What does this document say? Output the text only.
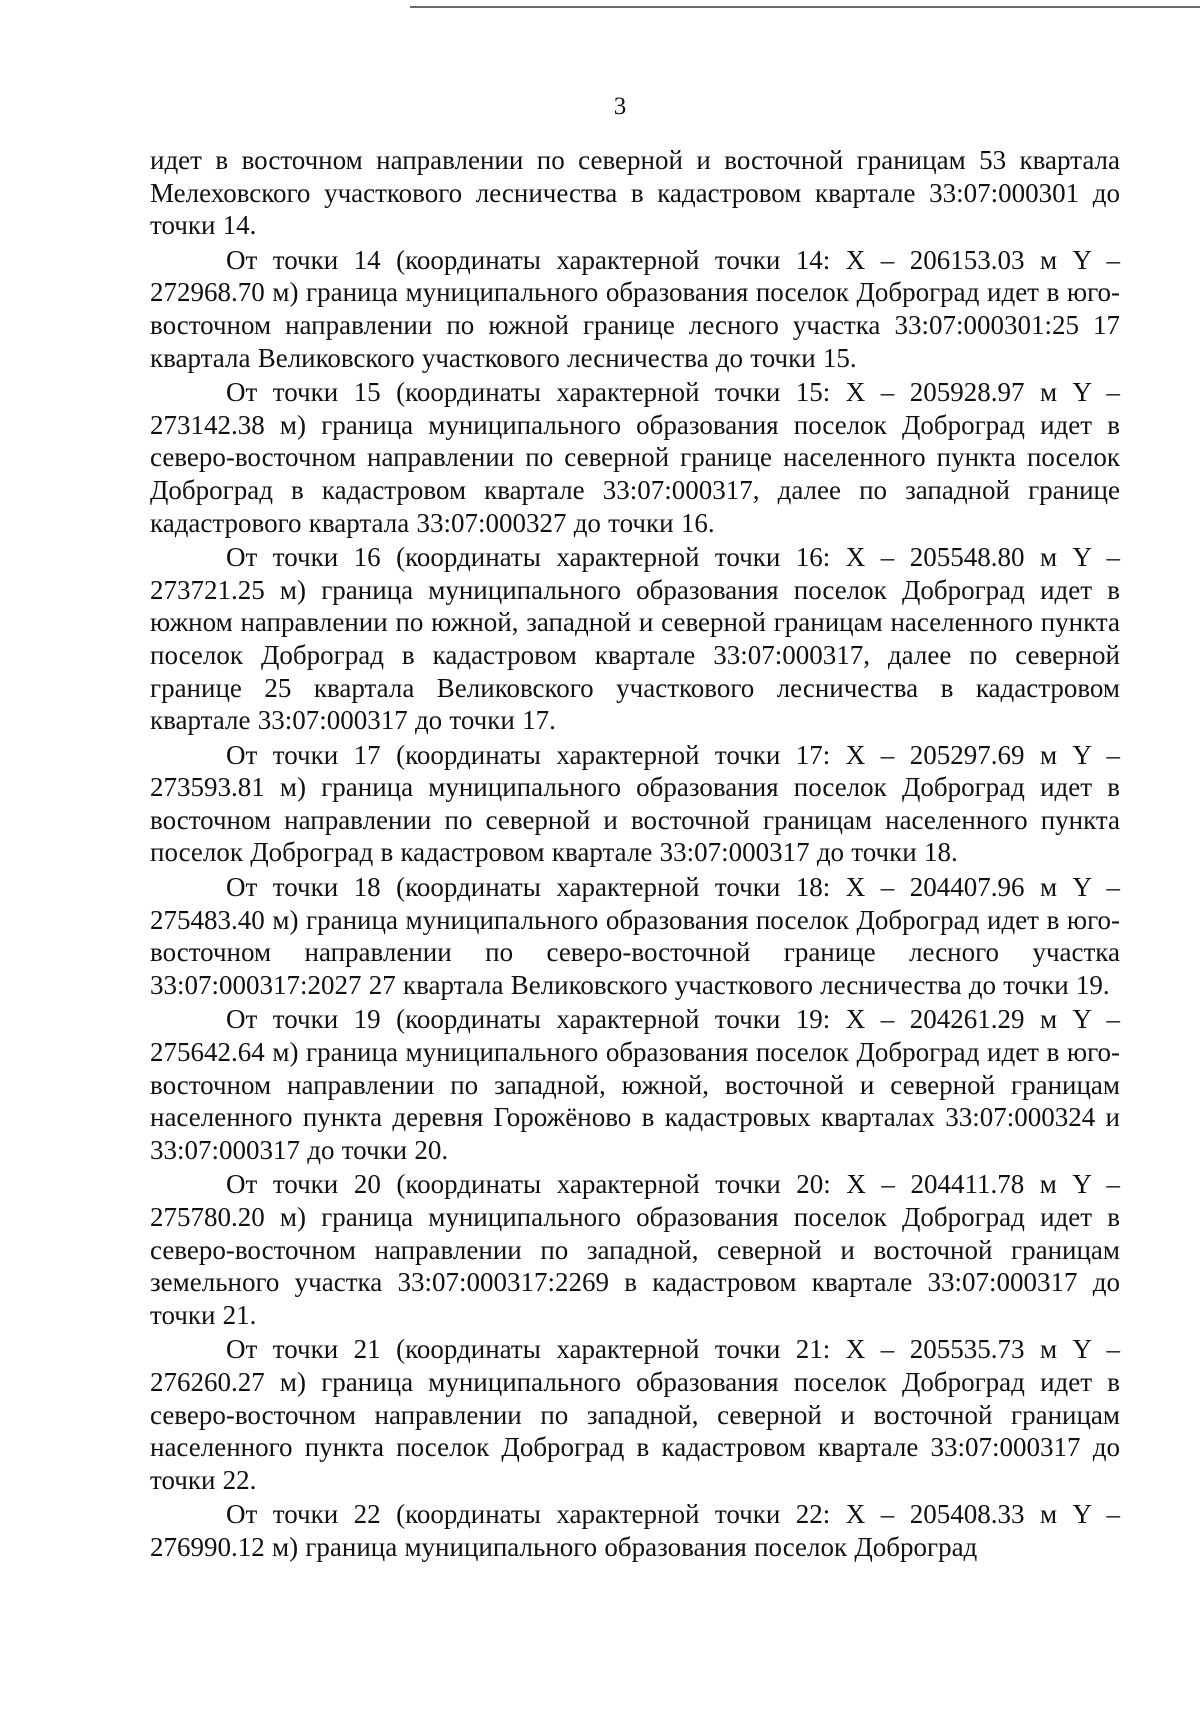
3

идет в восточном направлении по северной и восточной границам 53 квартала Мелеховского участкового лесничества в кадастровом квартале 33:07:000301 до точки 14.

От точки 14 (координаты характерной точки 14: X – 206153.03 м Y – 272968.70 м) граница муниципального образования поселок Доброград идет в юго-восточном направлении по южной границе лесного участка 33:07:000301:25 17 квартала Великовского участкового лесничества до точки 15.

От точки 15 (координаты характерной точки 15: X – 205928.97 м Y – 273142.38 м) граница муниципального образования поселок Доброград идет в северо-восточном направлении по северной границе населенного пункта поселок Доброград в кадастровом квартале 33:07:000317, далее по западной границе кадастрового квартала 33:07:000327 до точки 16.

От точки 16 (координаты характерной точки 16: X – 205548.80 м Y – 273721.25 м) граница муниципального образования поселок Доброград идет в южном направлении по южной, западной и северной границам населенного пункта поселок Доброград в кадастровом квартале 33:07:000317, далее по северной границе 25 квартала Великовского участкового лесничества в кадастровом квартале 33:07:000317 до точки 17.

От точки 17 (координаты характерной точки 17: X – 205297.69 м Y – 273593.81 м) граница муниципального образования поселок Доброград идет в восточном направлении по северной и восточной границам населенного пункта поселок Доброград в кадастровом квартале 33:07:000317 до точки 18.

От точки 18 (координаты характерной точки 18: X – 204407.96 м Y – 275483.40 м) граница муниципального образования поселок Доброград идет в юго-восточном направлении по северо-восточной границе лесного участка 33:07:000317:2027 27 квартала Великовского участкового лесничества до точки 19.

От точки 19 (координаты характерной точки 19: X – 204261.29 м Y – 275642.64 м) граница муниципального образования поселок Доброград идет в юго-восточном направлении по западной, южной, восточной и северной границам населенного пункта деревня Горожёново в кадастровых кварталах 33:07:000324 и 33:07:000317 до точки 20.

От точки 20 (координаты характерной точки 20: X – 204411.78 м Y – 275780.20 м) граница муниципального образования поселок Доброград идет в северо-восточном направлении по западной, северной и восточной границам земельного участка 33:07:000317:2269 в кадастровом квартале 33:07:000317 до точки 21.

От точки 21 (координаты характерной точки 21: X – 205535.73 м Y – 276260.27 м) граница муниципального образования поселок Доброград идет в северо-восточном направлении по западной, северной и восточной границам населенного пункта поселок Доброград в кадастровом квартале 33:07:000317 до точки 22.

От точки 22 (координаты характерной точки 22: X – 205408.33 м Y – 276990.12 м) граница муниципального образования поселок Доброград
